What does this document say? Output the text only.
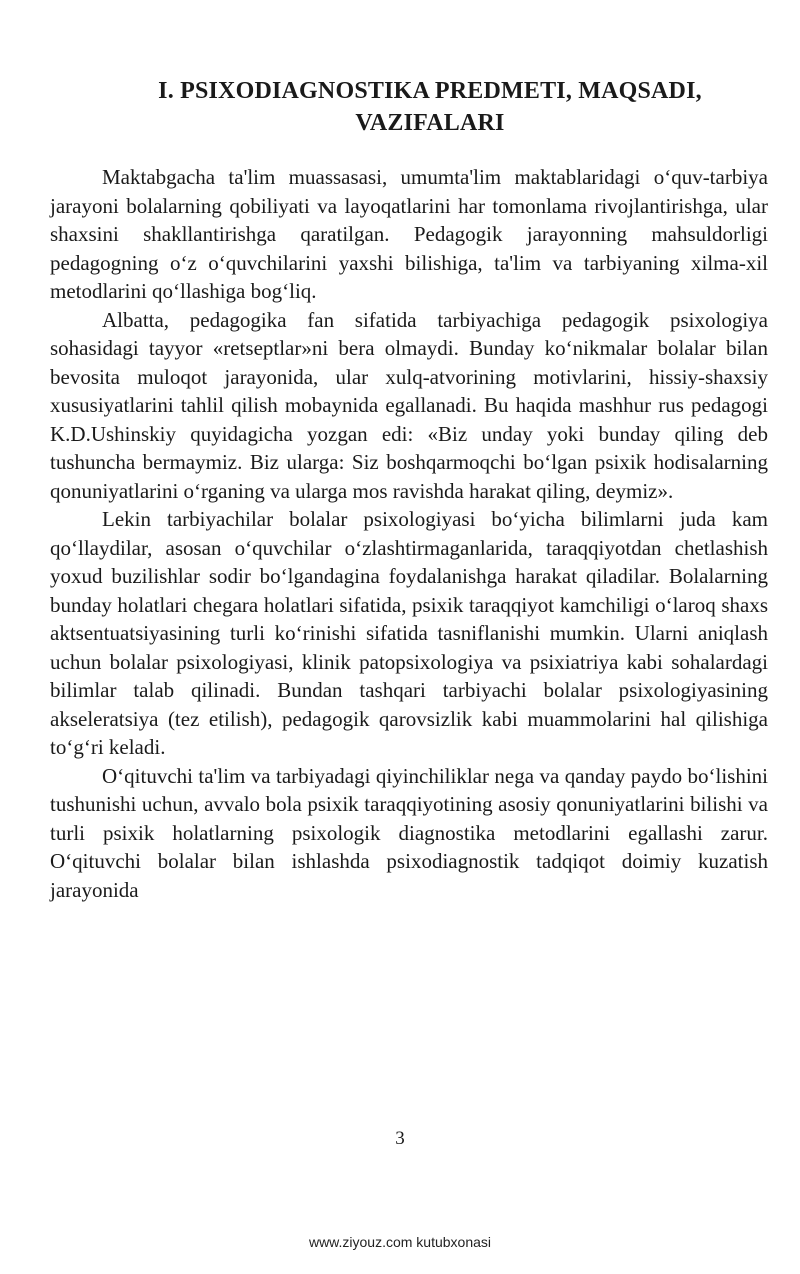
I. PSIXODIAGNOSTIKA PREDMETI, MAQSADI,
VAZIFALARI

Maktabgacha ta'lim muassasasi, umumta'lim maktablaridagi o‘quv-tarbiya jarayoni bolalarning qobiliyati va layoqatlarini har tomonlama rivojlantirishga, ular shaxsini shakllantirishga qaratilgan. Pedagogik jarayonning mahsuldorligi pedagogning o‘z o‘quvchilarini yaxshi bilishiga, ta'lim va tarbiyaning xilma-xil metodlarini qo‘llashiga bog‘liq.

Albatta, pedagogika fan sifatida tarbiyachiga pedagogik psixologiya sohasidagi tayyor «retseptlar»ni bera olmaydi. Bunday ko‘nikmalar bolalar bilan bevosita muloqot jarayonida, ular xulq-atvorining motivlarini, hissiy-shaxsiy xususiyatlarini tahlil qilish mobaynida egallanadi. Bu haqida mashhur rus pedagogi K.D.Ushinskiy quyidagicha yozgan edi: «Biz unday yoki bunday qiling deb tushuncha bermaymiz. Biz ularga: Siz boshqarmoqchi bo‘lgan psixik hodisalarning qonuniyatlarini o‘rganing va ularga mos ravishda harakat qiling, deymiz».

Lekin tarbiyachilar bolalar psixologiyasi bo‘yicha bilimlarni juda kam qo‘llaydilar, asosan o‘quvchilar o‘zlashtirmaganlarida, taraqqiyotdan chetlashish yoxud buzilishlar sodir bo‘lgandagina foydalanishga harakat qiladilar. Bolalarning bunday holatlari chegara holatlari sifatida, psixik taraqqiyot kamchiligi o‘laroq shaxs aktsentuatsiyasining turli ko‘rinishi sifatida tasniflanishi mumkin. Ularni aniqlash uchun bolalar psixologiyasi, klinik patopsixologiya va psixiatriya kabi sohalardagi bilimlar talab qilinadi. Bundan tashqari tarbiyachi bolalar psixologiyasining akseleratsiya (tez etilish), pedagogik qarovsizlik kabi muammolarini hal qilishiga to‘g‘ri keladi.

O‘qituvchi ta'lim va tarbiyadagi qiyinchiliklar nega va qanday paydo bo‘lishini tushunishi uchun, avvalo bola psixik taraqqiyotining asosiy qonuniyatlarini bilishi va turli psixik holatlarning psixologik diagnostika metodlarini egallashi zarur. O‘qituvchi bolalar bilan ishlashda psixodiagnostik tadqiqot doimiy kuzatish jarayonida

3
www.ziyouz.com kutubxonasi
